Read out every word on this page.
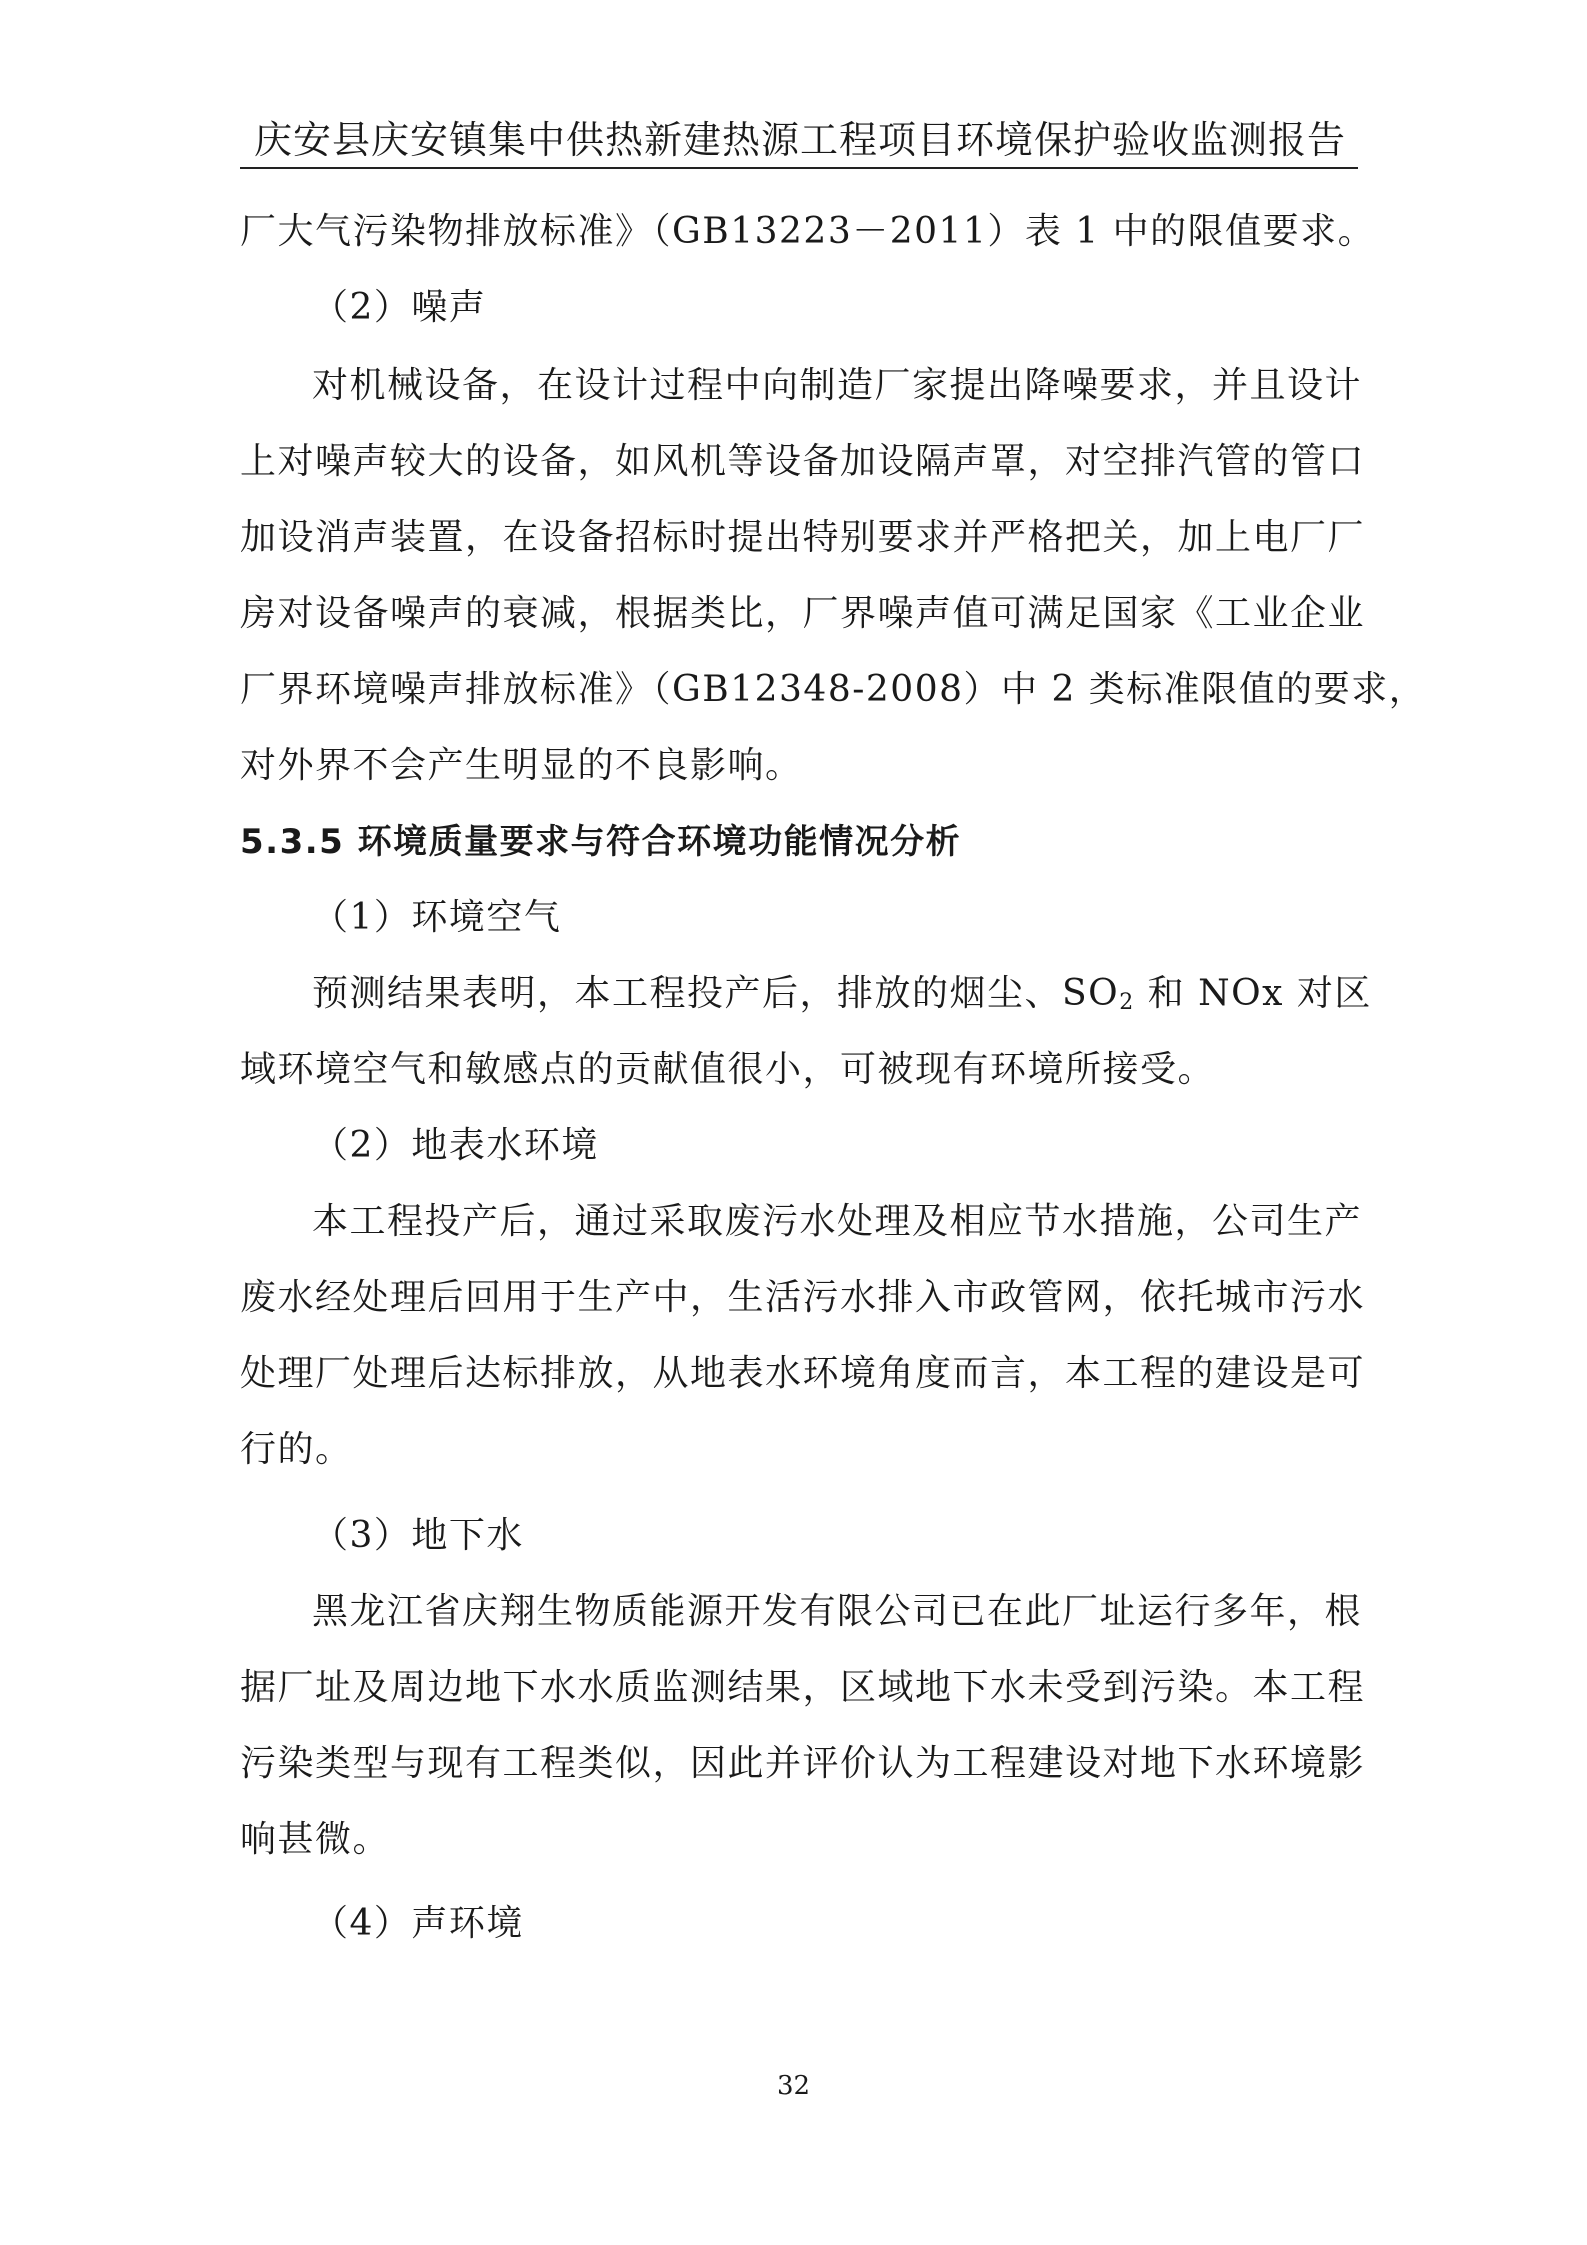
庆安县庆安镇集中供热新建热源工程项目环境保护验收监测报告
厂大气污染物排放标准》（GB13223－2011）表 1 中的限值要求。
（2）噪声
对机械设备，在设计过程中向制造厂家提出降噪要求，并且设计
上对噪声较大的设备，如风机等设备加设隔声罩，对空排汽管的管口
加设消声装置，在设备招标时提出特别要求并严格把关，加上电厂厂
房对设备噪声的衰减，根据类比，厂界噪声值可满足国家《工业企业
厂界环境噪声排放标准》（GB12348-2008）中 2 类标准限值的要求，
对外界不会产生明显的不良影响。
5.3.5 环境质量要求与符合环境功能情况分析
（1）环境空气
预测结果表明，本工程投产后，排放的烟尘、$SO_2$ 和 NOx 对区
域环境空气和敏感点的贡献值很小，可被现有环境所接受。
（2）地表水环境
本工程投产后，通过采取废污水处理及相应节水措施，公司生产
废水经处理后回用于生产中，生活污水排入市政管网，依托城市污水
处理厂处理后达标排放，从地表水环境角度而言，本工程的建设是可
行的。
（3）地下水
黑龙江省庆翔生物质能源开发有限公司已在此厂址运行多年，根
据厂址及周边地下水水质监测结果，区域地下水未受到污染。本工程
污染类型与现有工程类似，因此并评价认为工程建设对地下水环境影
响甚微。
（4）声环境
32
